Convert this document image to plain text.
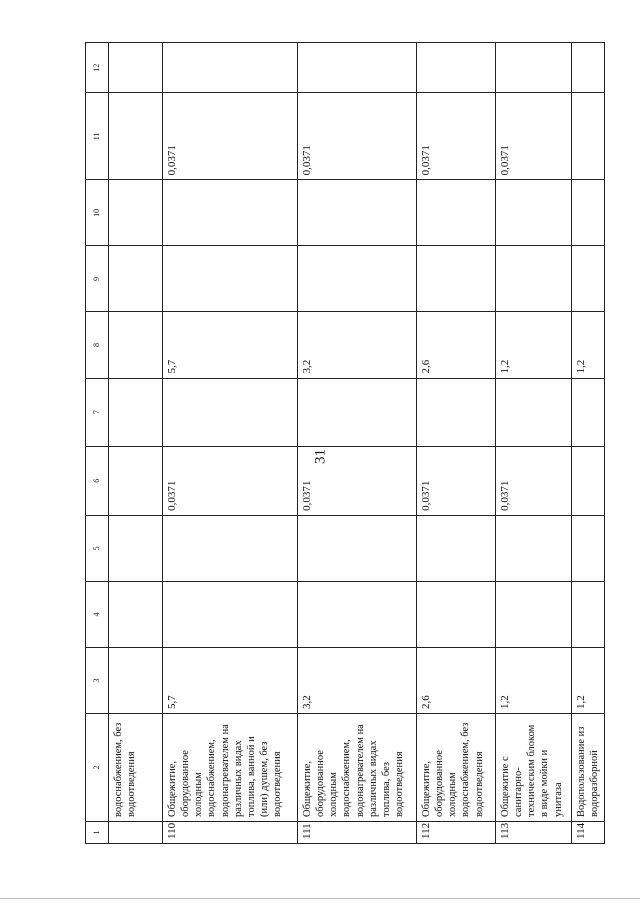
31
1	2	3	4	5	6	7	8	9	10	11	12
	водоснабжением, без водоотведения										
110	Общежитие, оборудованное холодным водоснабжением, водонагревателем на различных видах топлива, ванной и (или) душем, без водоотведения	5,7			0,0371		5,7			0,0371	
111	Общежитие, оборудованное холодным водоснабжением, водонагревателем на различных видах топлива, без водоотведения	3,2			0,0371		3,2			0,0371	
112	Общежитие, оборудованное холодным водоснабжением, без водоотведения	2,6			0,0371		2,6			0,0371	
113	Общежитие с санитарно-техническим блоком в виде мойки и унитаза	1,2			0,0371		1,2			0,0371	
114	Водопользование из водоразборной	1,2					1,2				
